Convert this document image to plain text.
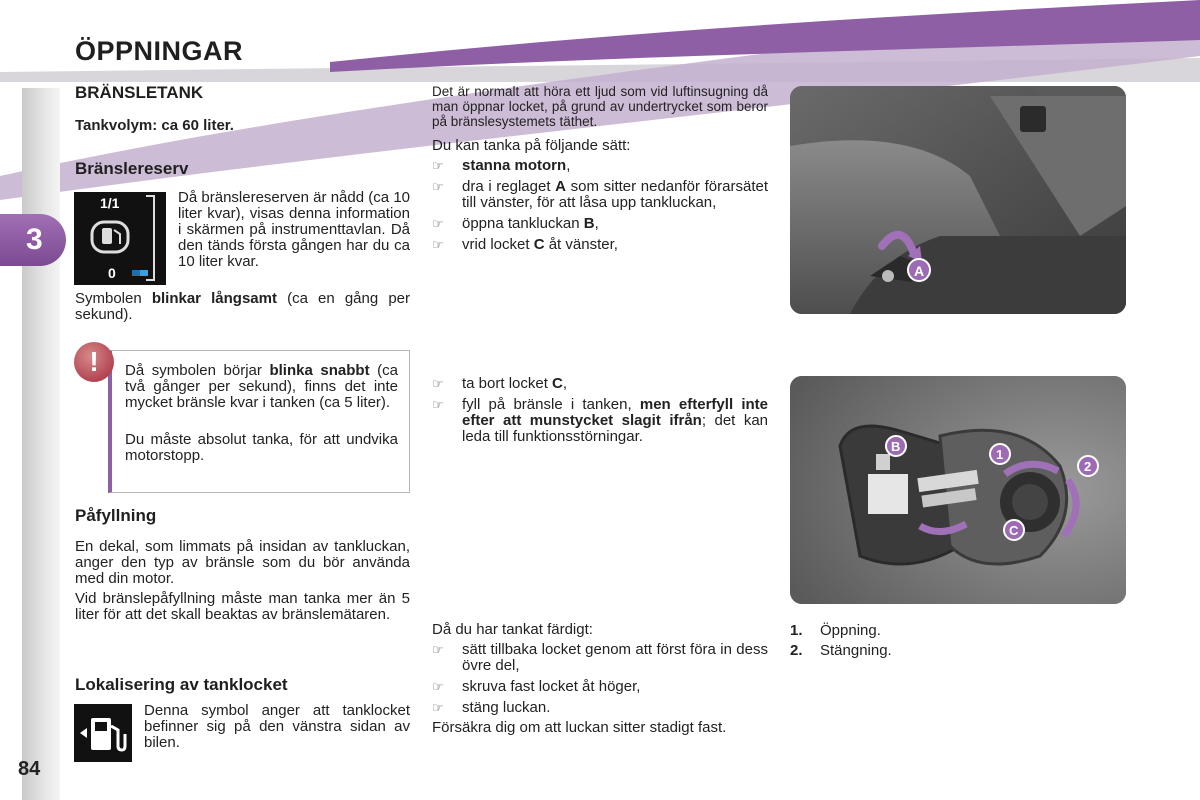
ÖPPNINGAR
3
84
BRÄNSLETANK
Tankvolym: ca 60 liter.
Bränslereserv
1/1
0
Då bränslereserven är nådd (ca 10 liter kvar), visas denna information i skärmen på instrumenttavlan. Då den tänds första gången har du ca 10 liter kvar.
Symbolen blinkar långsamt (ca en gång per sekund).
!	Då symbolen börjar blinka snabbt (ca två gånger per sekund), finns det inte mycket bränsle kvar i tanken (ca 5 liter).
Du måste absolut tanka, för att undvika motorstopp.
Påfyllning
En dekal, som limmats på insidan av tankluckan, anger den typ av bränsle som du bör använda med din motor.
Vid bränslepåfyllning måste man tanka mer än 5 liter för att det skall beaktas av bränslemätaren.
Lokalisering av tanklocket
Denna symbol anger att tanklocket befinner sig på den vänstra sidan av bilen.
Det är normalt att höra ett ljud som vid luftinsugning då man öppnar locket, på grund av undertrycket som beror på bränslesystemets täthet.
Du kan tanka på följande sätt:
☞ stanna motorn,
☞ dra i reglaget A som sitter nedanför förarsätet till vänster, för att låsa upp tankluckan,
☞ öppna tankluckan B,
☞ vrid locket C åt vänster,
☞ ta bort locket C,
☞ fyll på bränsle i tanken, men efterfyll inte efter att munstycket slagit ifrån; det kan leda till funktionsstörningar.
Då du har tankat färdigt:
☞ sätt tillbaka locket genom att först föra in dess övre del,
☞ skruva fast locket åt höger,
☞ stäng luckan.
Försäkra dig om att luckan sitter stadigt fast.
A
B
C
1
2
1. Öppning.
2. Stängning.
